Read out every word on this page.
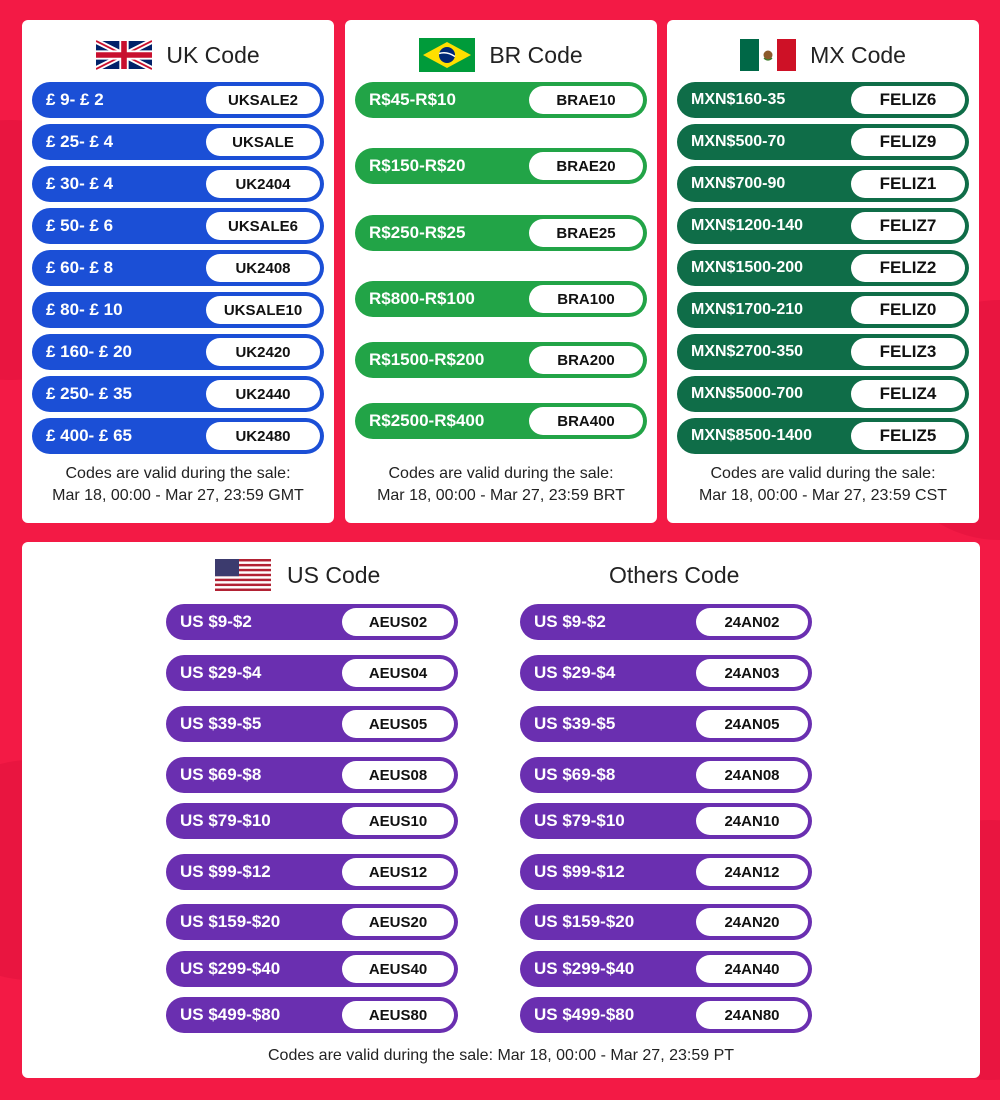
UK Code
£ 9- £ 2	UKSALE2
£ 25- £ 4	UKSALE
£ 30- £ 4	UK2404
£ 50- £ 6	UKSALE6
£ 60- £ 8	UK2408
£ 80- £ 10	UKSALE10
£ 160- £ 20	UK2420
£ 250- £ 35	UK2440
£ 400- £ 65	UK2480
Codes are valid during the sale:
Mar 18, 00:00 - Mar 27, 23:59 GMT
BR Code
R$45-R$10	BRAE10
R$150-R$20	BRAE20
R$250-R$25	BRAE25
R$800-R$100	BRA100
R$1500-R$200	BRA200
R$2500-R$400	BRA400
Codes are valid during the sale:
Mar 18, 00:00 - Mar 27, 23:59 BRT
MX Code
MXN$160-35	FELIZ6
MXN$500-70	FELIZ9
MXN$700-90	FELIZ1
MXN$1200-140	FELIZ7
MXN$1500-200	FELIZ2
MXN$1700-210	FELIZ0
MXN$2700-350	FELIZ3
MXN$5000-700	FELIZ4
MXN$8500-1400	FELIZ5
Codes are valid during the sale:
Mar 18, 00:00 - Mar 27, 23:59 CST
US Code	Others Code
US $9-$2	AEUS02
US $29-$4	AEUS04
US $39-$5	AEUS05
US $69-$8	AEUS08
US $79-$10	AEUS10
US $99-$12	AEUS12
US $159-$20	AEUS20
US $299-$40	AEUS40
US $499-$80	AEUS80
US $9-$2	24AN02
US $29-$4	24AN03
US $39-$5	24AN05
US $69-$8	24AN08
US $79-$10	24AN10
US $99-$12	24AN12
US $159-$20	24AN20
US $299-$40	24AN40
US $499-$80	24AN80
Codes are valid during the sale: Mar 18, 00:00 - Mar 27, 23:59 PT
